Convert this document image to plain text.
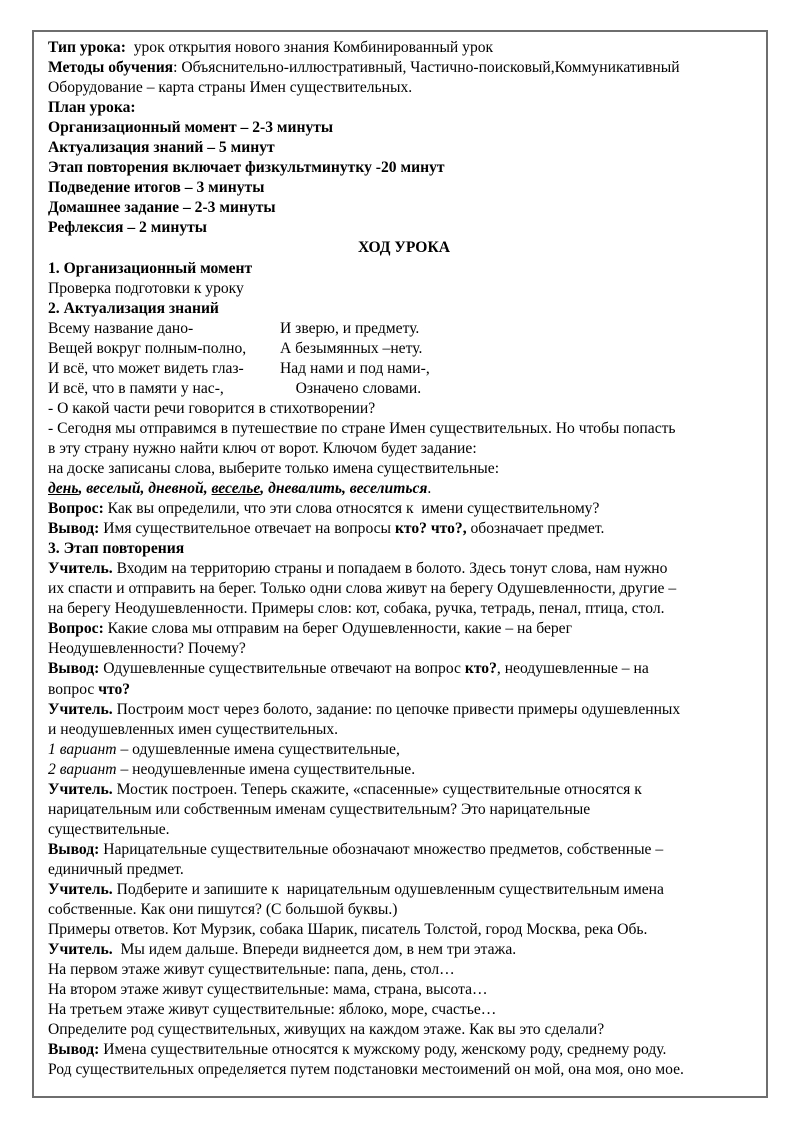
Тип урока: урок открытия нового знания Комбинированный урок
Методы обучения: Объяснительно-иллюстративный, Частично-поисковый,Коммуникативный
Оборудование – карта страны Имен существительных.
План урока:
Организационный момент – 2-3 минуты
Актуализация знаний – 5 минут
Этап повторения включает физкультминутку -20 минут
Подведение итогов – 3 минуты
Домашнее задание – 2-3 минуты
Рефлексия – 2 минуты
ХОД УРОКА
1. Организационный момент
Проверка подготовки к уроку
2. Актуализация знаний
Всему название дано-	И зверю, и предмету.
Вещей вокруг полным-полно,	А безымянных –нету.
И всё, что может видеть глаз-	Над нами и под нами-,
И всё, что в памяти у нас-,	Означено словами.
- О какой части речи говорится в стихотворении?
- Сегодня мы отправимся в путешествие по стране Имен существительных. Но чтобы попасть
в эту страну нужно найти ключ от ворот. Ключом будет задание:
на доске записаны слова, выберите только имена существительные:
день, веселый, дневной, веселье, дневалить, веселиться.
Вопрос: Как вы определили, что эти слова относятся к  имени существительному?
Вывод: Имя существительное отвечает на вопросы кто? что?, обозначает предмет.
3. Этап повторения
Учитель. Входим на территорию страны и попадаем в болото. Здесь тонут слова, нам нужно
их спасти и отправить на берег. Только одни слова живут на берегу Одушевленности, другие –
на берегу Неодушевленности. Примеры слов: кот, собака, ручка, тетрадь, пенал, птица, стол.
Вопрос: Какие слова мы отправим на берег Одушевленности, какие – на берег
Неодушевленности? Почему?
Вывод: Одушевленные существительные отвечают на вопрос кто?, неодушевленные – на
вопрос что?
Учитель. Построим мост через болото, задание: по цепочке привести примеры одушевленных
и неодушевленных имен существительных.
1 вариант – одушевленные имена существительные,
2 вариант – неодушевленные имена существительные.
Учитель. Мостик построен. Теперь скажите, «спасенные» существительные относятся к
нарицательным или собственным именам существительным? Это нарицательные
существительные.
Вывод: Нарицательные существительные обозначают множество предметов, собственные –
единичный предмет.
Учитель. Подберите и запишите к  нарицательным одушевленным существительным имена
собственные. Как они пишутся? (С большой буквы.)
Примеры ответов. Кот Мурзик, собака Шарик, писатель Толстой, город Москва, река Обь.
Учитель.  Мы идем дальше. Впереди виднеется дом, в нем три этажа.
На первом этаже живут существительные: папа, день, стол…
На втором этаже живут существительные: мама, страна, высота…
На третьем этаже живут существительные: яблоко, море, счастье…
Определите род существительных, живущих на каждом этаже. Как вы это сделали?
Вывод: Имена существительные относятся к мужскому роду, женскому роду, среднему роду.
Род существительных определяется путем подстановки местоимений он мой, она моя, оно мое.
